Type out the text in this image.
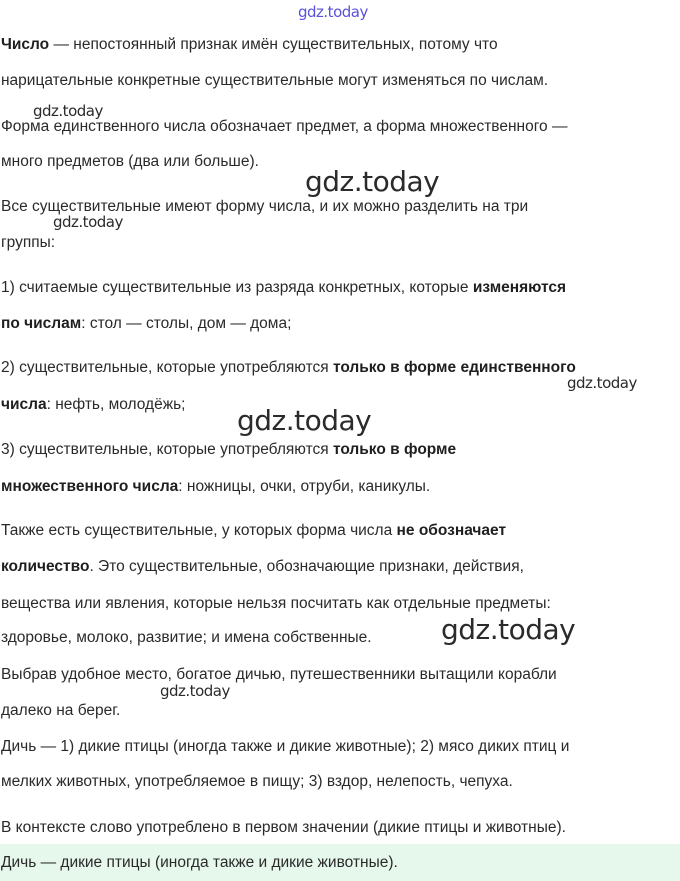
Число — непостоянный признак имён существительных, потому что
нарицательные конкретные существительные могут изменяться по числам.
Форма единственного числа обозначает предмет, а форма множественного —
много предметов (два или больше).
Все существительные имеют форму числа, и их можно разделить на три
группы:
1) считаемые существительные из разряда конкретных, которые изменяются
по числам: стол — столы, дом — дома;
2) существительные, которые употребляются только в форме единственного
числа: нефть, молодёжь;
3) существительные, которые употребляются только в форме
множественного числа: ножницы, очки, отруби, каникулы.
Также есть существительные, у которых форма числа не обозначает
количество. Это существительные, обозначающие признаки, действия,
вещества или явления, которые нельзя посчитать как отдельные предметы:
здоровье, молоко, развитие; и имена собственные.
Выбрав удобное место, богатое дичью, путешественники вытащили корабли
далеко на берег.
Дичь — 1) дикие птицы (иногда также и дикие животные); 2) мясо диких птиц и
мелких животных, употребляемое в пищу; 3) вздор, нелепость, чепуха.
В контексте слово употреблено в первом значении (дикие птицы и животные).
Дичь — дикие птицы (иногда также и дикие животные).
gdz.today
gdz.today
gdz.today
gdz.today
gdz.today
gdz.today
gdz.today
gdz.today
